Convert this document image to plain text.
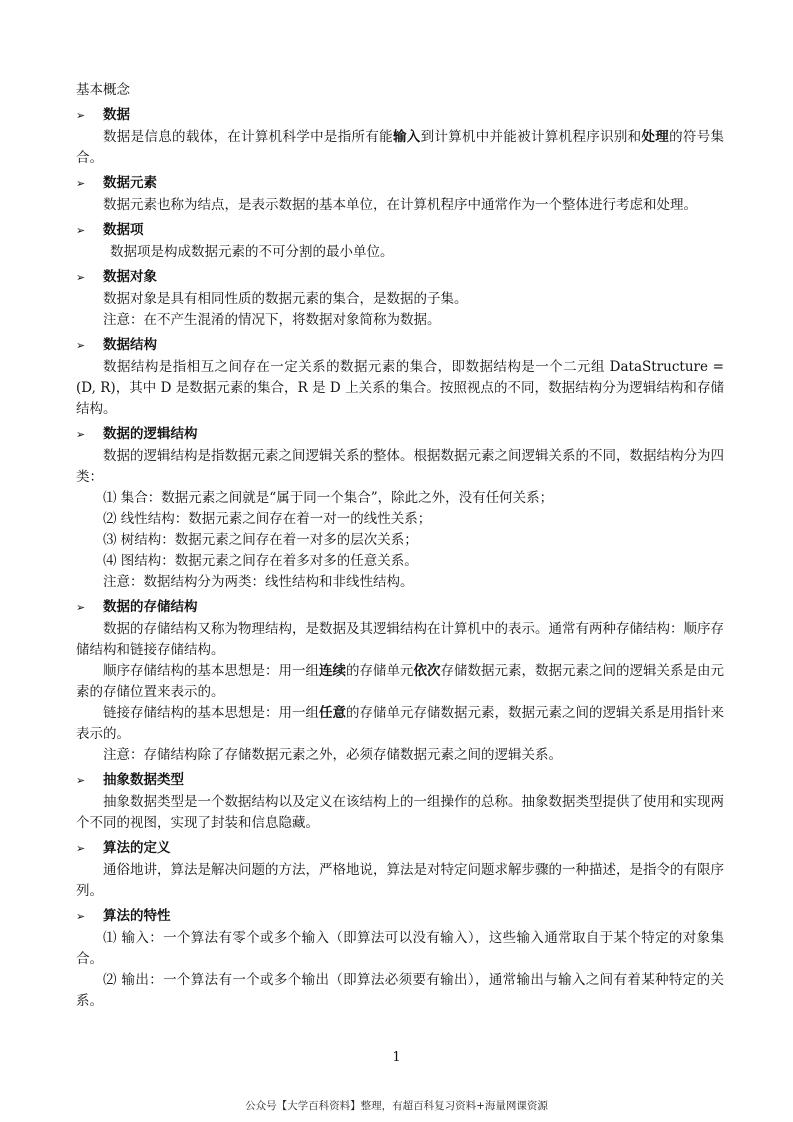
基本概念
➢	数据

数据是信息的载体，在计算机科学中是指所有能输入到计算机中并能被计算机程序识别和处理的符号集合。

➢	数据元素

数据元素也称为结点，是表示数据的基本单位，在计算机程序中通常作为一个整体进行考虑和处理。

➢	数据项

数据项是构成数据元素的不可分割的最小单位。

➢	数据对象

数据对象是具有相同性质的数据元素的集合，是数据的子集。

注意：在不产生混淆的情况下，将数据对象简称为数据。

➢	数据结构

数据结构是指相互之间存在一定关系的数据元素的集合，即数据结构是一个二元组 DataStructure = (D, R)，其中 D 是数据元素的集合，R 是 D 上关系的集合。按照视点的不同，数据结构分为逻辑结构和存储结构。

➢	数据的逻辑结构

数据的逻辑结构是指数据元素之间逻辑关系的整体。根据数据元素之间逻辑关系的不同，数据结构分为四类：

⑴ 集合：数据元素之间就是“属于同一个集合”，除此之外，没有任何关系；

⑵ 线性结构：数据元素之间存在着一对一的线性关系；

⑶ 树结构：数据元素之间存在着一对多的层次关系；

⑷ 图结构：数据元素之间存在着多对多的任意关系。

注意：数据结构分为两类：线性结构和非线性结构。

➢	数据的存储结构

数据的存储结构又称为物理结构，是数据及其逻辑结构在计算机中的表示。通常有两种存储结构：顺序存储结构和链接存储结构。

顺序存储结构的基本思想是：用一组连续的存储单元依次存储数据元素，数据元素之间的逻辑关系是由元素的存储位置来表示的。

链接存储结构的基本思想是：用一组任意的存储单元存储数据元素，数据元素之间的逻辑关系是用指针来表示的。

注意：存储结构除了存储数据元素之外，必须存储数据元素之间的逻辑关系。

➢	抽象数据类型

抽象数据类型是一个数据结构以及定义在该结构上的一组操作的总称。抽象数据类型提供了使用和实现两个不同的视图，实现了封装和信息隐藏。

➢	算法的定义

通俗地讲，算法是解决问题的方法，严格地说，算法是对特定问题求解步骤的一种描述，是指令的有限序列。

➢	算法的特性

⑴ 输入：一个算法有零个或多个输入（即算法可以没有输入），这些输入通常取自于某个特定的对象集合。

⑵ 输出：一个算法有一个或多个输出（即算法必须要有输出），通常输出与输入之间有着某种特定的关系。

1
公众号【大学百科资料】整理，有超百科复习资料+海量网课资源
